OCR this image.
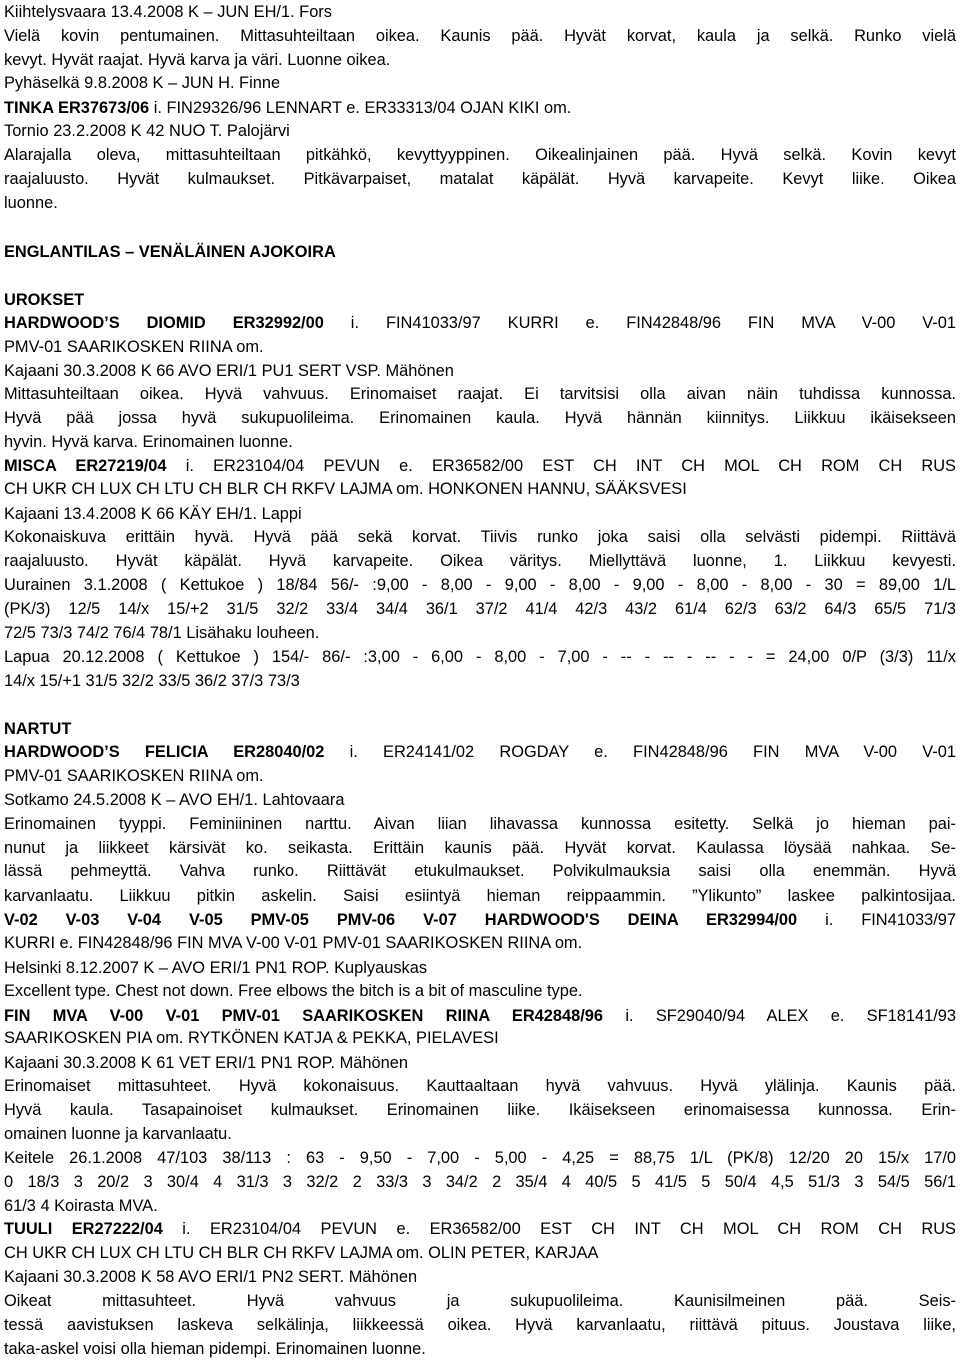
Kiihtelysvaara 13.4.2008 K – JUN EH/1. Fors
Vielä kovin pentumainen. Mittasuhteiltaan oikea. Kaunis pää. Hyvät korvat, kaula ja selkä. Runko vielä
kevyt. Hyvät raajat. Hyvä karva ja väri. Luonne oikea.
Pyhäselkä 9.8.2008 K – JUN H. Finne
TINKA ER37673/06 i. FIN29326/96 LENNART e. ER33313/04 OJAN KIKI om.
Tornio 23.2.2008 K 42 NUO T. Palojärvi
Alarajalla oleva, mittasuhteiltaan pitkähkö, kevyttyyppinen. Oikealinjainen pää. Hyvä selkä. Kovin kevyt
raajaluusto. Hyvät kulmaukset. Pitkävarpaiset, matalat käpälät. Hyvä karvapeite. Kevyt liike. Oikea
luonne.
ENGLANTILAS – VENÄLÄINEN AJOKOIRA
UROKSET
HARDWOOD’S DIOMID ER32992/00 i. FIN41033/97 KURRI e. FIN42848/96 FIN MVA V-00 V-01
PMV-01 SAARIKOSKEN RIINA om.
Kajaani 30.3.2008 K 66 AVO ERI/1 PU1 SERT VSP. Mähönen
Mittasuhteiltaan oikea. Hyvä vahvuus. Erinomaiset raajat. Ei tarvitsisi olla aivan näin tuhdissa kunnossa.
Hyvä pää jossa hyvä sukupuolileima. Erinomainen kaula. Hyvä hännän kiinnitys. Liikkuu ikäisekseen
hyvin. Hyvä karva. Erinomainen luonne.
MISCA ER27219/04 i. ER23104/04 PEVUN e. ER36582/00 EST CH INT CH MOL CH ROM CH RUS
CH UKR CH LUX CH LTU CH BLR CH RKFV LAJMA om. HONKONEN HANNU, SÄÄKSVESI
Kajaani 13.4.2008 K 66 KÄY EH/1. Lappi
Kokonaiskuva erittäin hyvä. Hyvä pää sekä korvat. Tiivis runko joka saisi olla selvästi pidempi. Riittävä
raajaluusto. Hyvät käpälät. Hyvä karvapeite. Oikea väritys. Miellyttävä luonne, 1. Liikkuu kevyesti.
Uurainen 3.1.2008 ( Kettukoe ) 18/84 56/- :9,00 - 8,00 - 9,00 - 8,00 - 9,00 - 8,00 - 8,00 - 30 = 89,00 1/L
(PK/3) 12/5 14/x 15/+2 31/5 32/2 33/4 34/4 36/1 37/2 41/4 42/3 43/2 61/4 62/3 63/2 64/3 65/5 71/3
72/5 73/3 74/2 76/4 78/1 Lisähaku louheen.
Lapua 20.12.2008 ( Kettukoe ) 154/- 86/- :3,00 - 6,00 - 8,00 - 7,00 - -- - -- - -- - - = 24,00 0/P (3/3) 11/x
14/x 15/+1 31/5 32/2 33/5 36/2 37/3 73/3
NARTUT
HARDWOOD’S FELICIA ER28040/02 i. ER24141/02 ROGDAY e. FIN42848/96 FIN MVA V-00 V-01
PMV-01 SAARIKOSKEN RIINA om.
Sotkamo 24.5.2008 K – AVO EH/1. Lahtovaara
Erinomainen tyyppi. Feminiininen narttu. Aivan liian lihavassa kunnossa esitetty. Selkä jo hieman pai-
nunut ja liikkeet kärsivät ko. seikasta. Erittäin kaunis pää. Hyvät korvat. Kaulassa löysää nahkaa. Se-
lässä pehmeyttä. Vahva runko. Riittävät etukulmaukset. Polvikulmauksia saisi olla enemmän. Hyvä
karvanlaatu. Liikkuu pitkin askelin. Saisi esiintyä hieman reippaammin. ”Ylikunto” laskee palkintosijaa.
V-02 V-03 V-04 V-05 PMV-05 PMV-06 V-07 HARDWOOD'S DEINA ER32994/00 i. FIN41033/97
KURRI e. FIN42848/96 FIN MVA V-00 V-01 PMV-01 SAARIKOSKEN RIINA om.
Helsinki 8.12.2007 K – AVO ERI/1 PN1 ROP. Kuplyauskas
Excellent type. Chest not down. Free elbows the bitch is a bit of masculine type.
FIN MVA V-00 V-01 PMV-01 SAARIKOSKEN RIINA ER42848/96 i. SF29040/94 ALEX e. SF18141/93
SAARIKOSKEN PIA om. RYTKÖNEN KATJA & PEKKA, PIELAVESI
Kajaani 30.3.2008 K 61 VET ERI/1 PN1 ROP. Mähönen
Erinomaiset mittasuhteet. Hyvä kokonaisuus. Kauttaaltaan hyvä vahvuus. Hyvä ylälinja. Kaunis pää.
Hyvä kaula. Tasapainoiset kulmaukset. Erinomainen liike. Ikäisekseen erinomaisessa kunnossa. Erin-
omainen luonne ja karvanlaatu.
Keitele 26.1.2008 47/103 38/113 : 63 - 9,50 - 7,00 - 5,00 - 4,25 = 88,75 1/L (PK/8) 12/20 20 15/x 17/0
0 18/3 3 20/2 3 30/4 4 31/3 3 32/2 2 33/3 3 34/2 2 35/4 4 40/5 5 41/5 5 50/4 4,5 51/3 3 54/5 56/1
61/3 4 Koirasta MVA.
TUULI ER27222/04 i. ER23104/04 PEVUN e. ER36582/00 EST CH INT CH MOL CH ROM CH RUS
CH UKR CH LUX CH LTU CH BLR CH RKFV LAJMA om. OLIN PETER, KARJAA
Kajaani 30.3.2008 K 58 AVO ERI/1 PN2 SERT. Mähönen
Oikeat mittasuhteet. Hyvä vahvuus ja sukupuolileima. Kaunisilmeinen pää. Seis-
tessä aavistuksen laskeva selkälinja, liikkeessä oikea. Hyvä karvanlaatu, riittävä pituus. Joustava liike,
taka-askel voisi olla hieman pidempi. Erinomainen luonne.
